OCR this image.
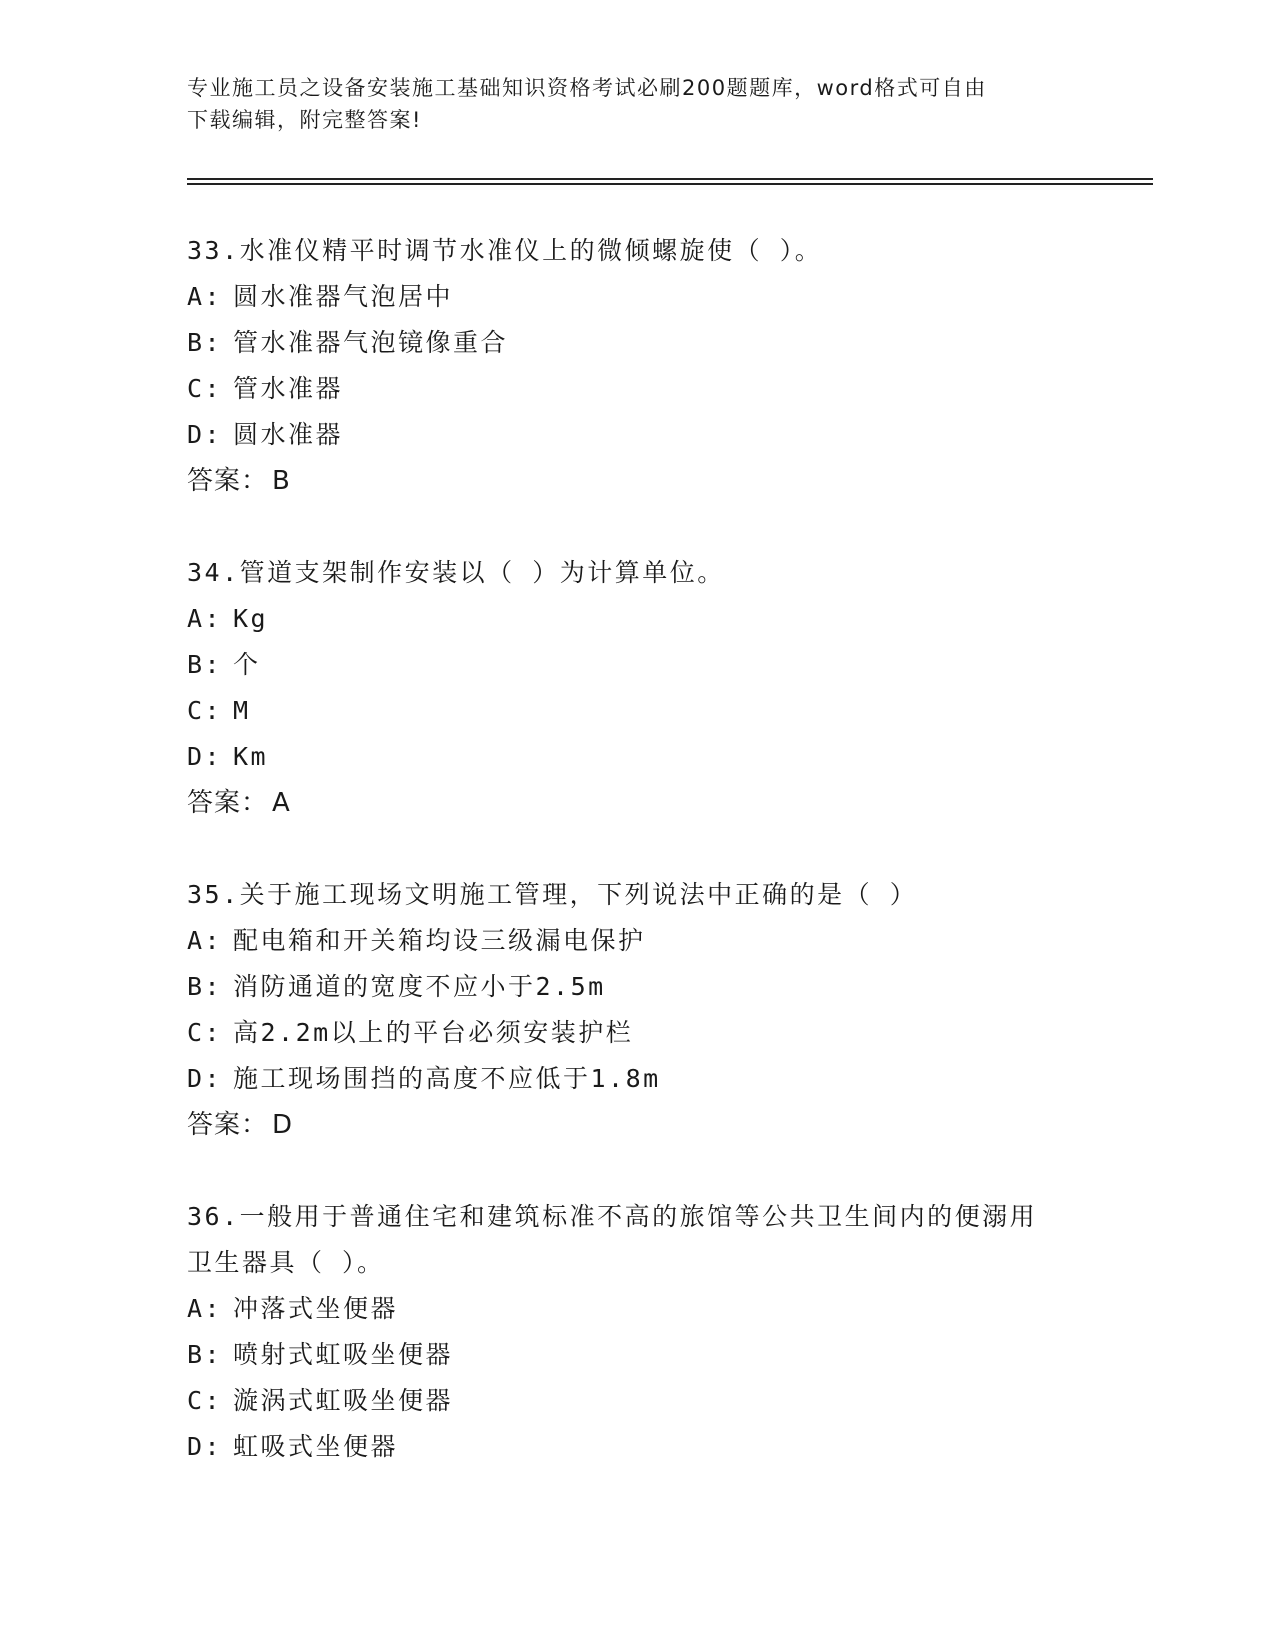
专业施工员之设备安装施工基础知识资格考试必刷200题题库，word格式可自由
下载编辑，附完整答案!
33.水准仪精平时调节水准仪上的微倾螺旋使（ ）。
A: 圆水准器气泡居中
B: 管水准器气泡镜像重合
C: 管水准器
D: 圆水准器
答案： B
34.管道支架制作安装以（ ）为计算单位。
A: Kg
B: 个
C: M
D: Km
答案： A
35.关于施工现场文明施工管理，下列说法中正确的是（ ）
A: 配电箱和开关箱均设三级漏电保护
B: 消防通道的宽度不应小于2.5m
C: 高2.2m以上的平台必须安装护栏
D: 施工现场围挡的高度不应低于1.8m
答案： D
36.一般用于普通住宅和建筑标准不高的旅馆等公共卫生间内的便溺用
卫生器具（ ）。
A: 冲落式坐便器
B: 喷射式虹吸坐便器
C: 漩涡式虹吸坐便器
D: 虹吸式坐便器
